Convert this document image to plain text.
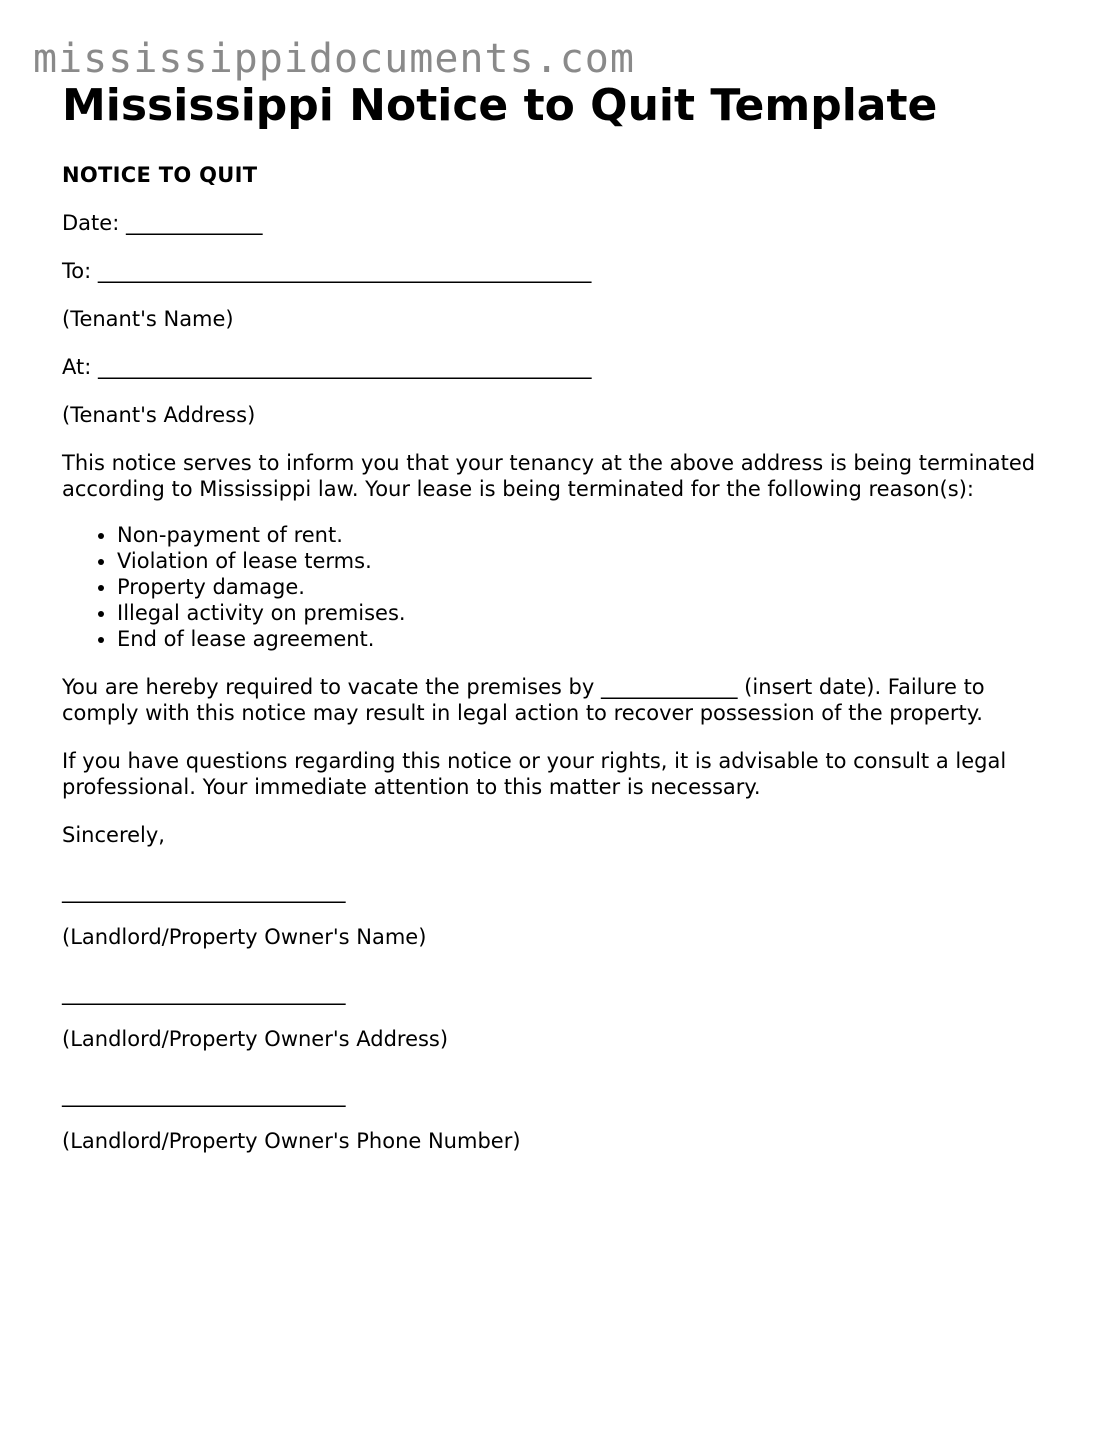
mississippidocuments.com
Mississippi Notice to Quit Template
NOTICE TO QUIT
Date: _____________
To: _______________________________________________
(Tenant's Name)
At: _______________________________________________
(Tenant's Address)
This notice serves to inform you that your tenancy at the above address is being terminated according to Mississippi law. Your lease is being terminated for the following reason(s):
• Non-payment of rent.
• Violation of lease terms.
• Property damage.
• Illegal activity on premises.
• End of lease agreement.
You are hereby required to vacate the premises by _____________ (insert date). Failure to comply with this notice may result in legal action to recover possession of the property.
If you have questions regarding this notice or your rights, it is advisable to consult a legal professional. Your immediate attention to this matter is necessary.
Sincerely,
___________________________
(Landlord/Property Owner's Name)
___________________________
(Landlord/Property Owner's Address)
___________________________
(Landlord/Property Owner's Phone Number)
